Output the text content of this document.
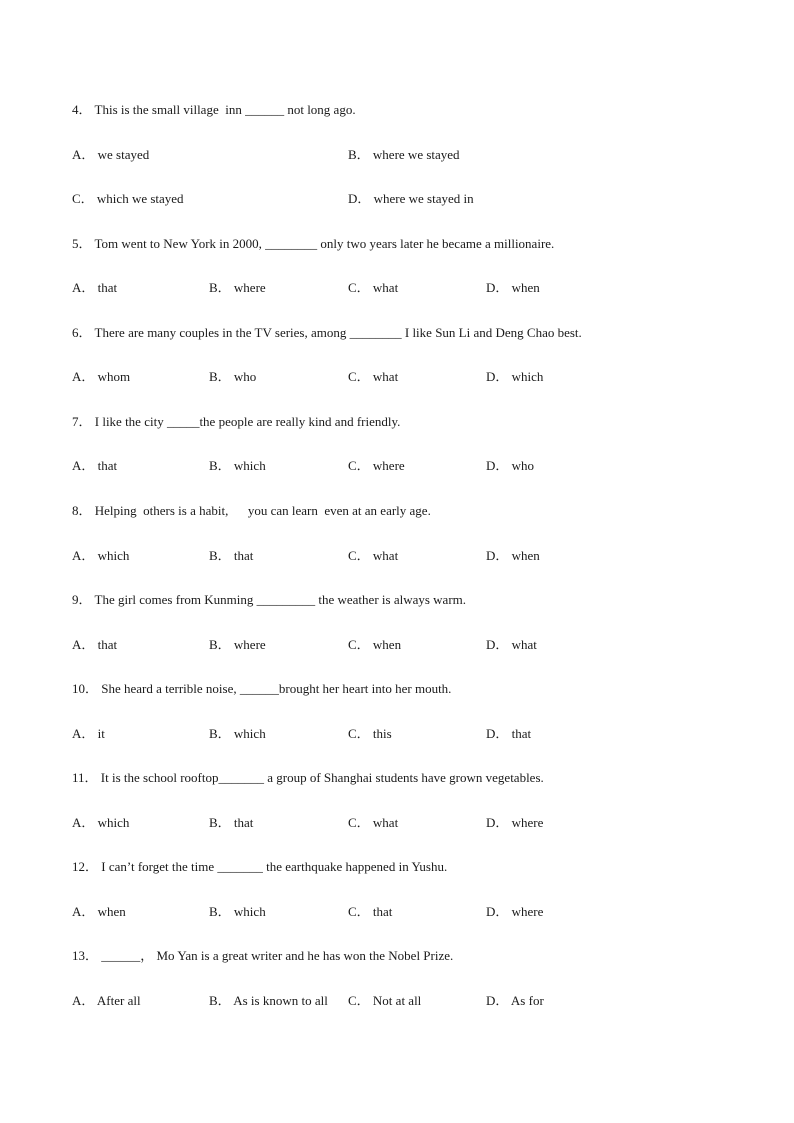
4． This is the small village  inn ______ not long ago.
A． we stayed	B． where we stayed
C． which we stayed	D． where we stayed in
5． Tom went to New York in 2000, ________ only two years later he became a millionaire.
A． that	B． where	C． what	D． when
6． There are many couples in the TV series, among ________ I like Sun Li and Deng Chao best.
A． whom	B． who	C． what	D． which
7． I like the city _____the people are really kind and friendly.
A． that	B． which	C． where	D． who
8． Helping  others is a habit,      you can learn  even at an early age.
A． which	B． that	C． what	D． when
9． The girl comes from Kunming _________ the weather is always warm.
A． that	B． where	C． when	D． what
10． She heard a terrible noise, ______brought her heart into her mouth.
A． it	B． which	C． this	D． that
11． It is the school rooftop_______ a group of Shanghai students have grown vegetables.
A． which	B． that	C． what	D． where
12． I can’t forget the time _______ the earthquake happened in Yushu.
A． when	B． which	C． that	D． where
13． ______， Mo Yan is a great writer and he has won the Nobel Prize.
A． After all	B． As is known to all C． Not at all	D． As for
